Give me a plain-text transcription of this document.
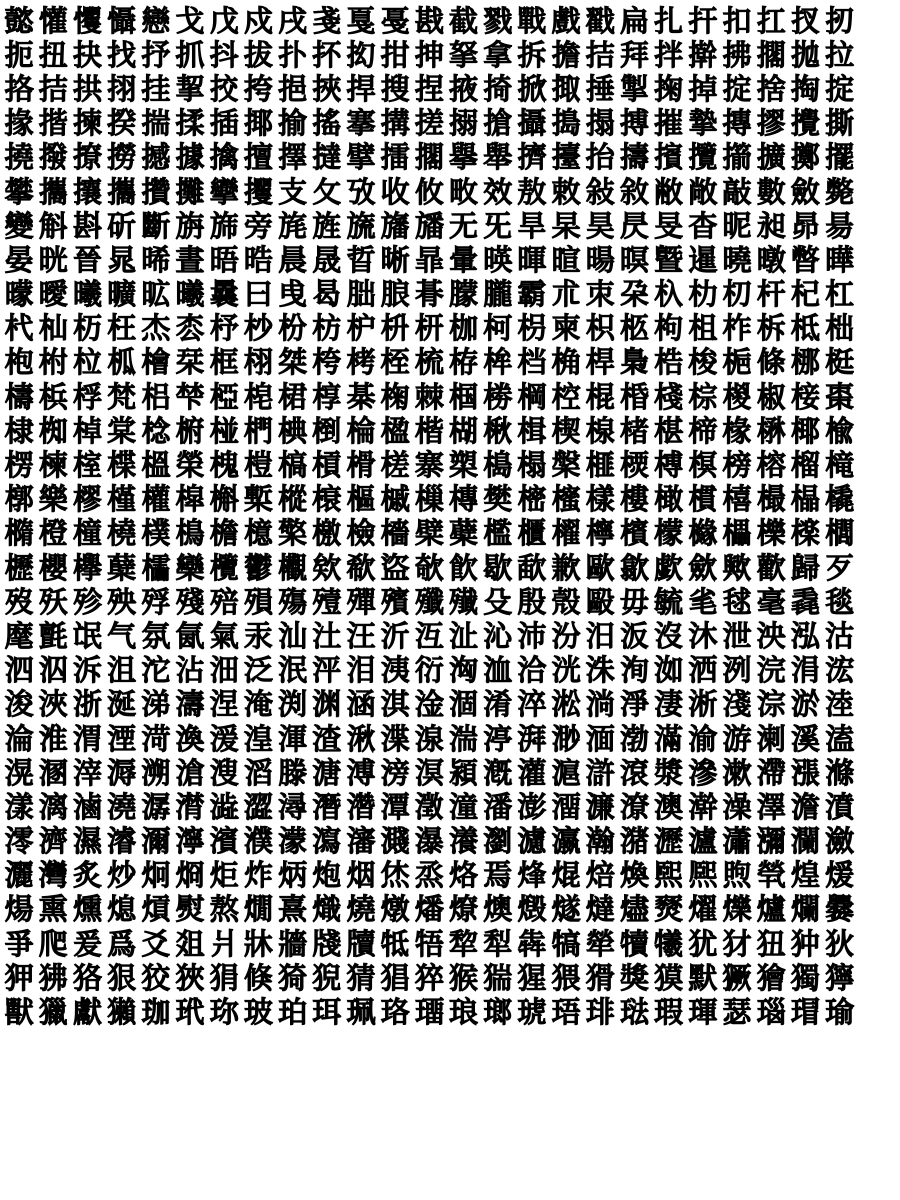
懿 懽 戄 懾 戀 戈 戊 戍 戌 戔 戛 戞 戡 截 戮 戰 戲 戳 扁 扎 扞 扣 扛 扠 扨
扼 扭 抉 找 抒 抓 抖 拔 扑 抔 抝 拑 抻 拏 拿 拆 擔 拮 拜 拌 擀 拂 擱 拋 拉
挌 拮 拱 挧 挂 挈 挍 挎 挹 挾 捍 搜 捏 掖 掎 掀 掫 捶 掣 掬 掉 掟 捨 掏 掟
掾 揩 揀 揆 揣 揉 插 揶 揄 搖 搴 搆 搓 搦 搶 攝 搗 搨 搏 摧 摯 摶 摎 攪 撕
撓 撥 撩 撈 撼 據 擒 擅 擇 撻 擘 擂 擱 擧 舉 擠 擡 抬 擣 擯 攬 擶 擴 擲 擺
攀 攜 攘 攜 攢 攤 攣 攫 支 攵 攷 收 攸 畋 效 敖 敕 敍 敘 敝 敞 敲 數 斂 斃
變 斛 斟 斫 斷 旃 旆 旁 旄 旌 旒 旛 旙 无 旡 旱 杲 昊 昃 旻 杳 昵 昶 昴 昜
晏 晄 晉 晁 晞 晝 晤 晧 晨 晟 晢 晰 暃 暈 暎 暉 暄 暘 暝 曁 暹 曉 暾 暼 曄
曚 曖 曦 曠 昿 曦 曩 曰 曵 曷 朏 朖 朞 朦 朧 霸 朮 朿 朶 杁 朸 朷 杆 杞 杠
杙 杣 杤 枉 杰 枩 杼 杪 枌 枋 枦 枡 枅 枷 柯 枴 柬 枳 柩 枸 柤 柞 柝 柢 柮
枹 柎 柆 柧 檜 栞 框 栩 桀 桍 栲 桎 梳 栫 桙 档 桷 桿 梟 梏 梭 梔 條 梛 梃
檮 梹 桴 梵 梠 梺 椏 梍 桾 椁 棊 椈 棘 椢 椦 棡 椌 棍 棔 棧 棕 椶 椒 椄 棗
棣 椥 棹 棠 棯 椨 椪 椚 椣 椡 棆 楹 楷 楜 楸 楫 楔 楾 楮 椹 楴 椽 楙 椰 楡
楞 楝 榁 楪 榲 榮 槐 榿 槁 槓 榾 槎 寨 槊 槝 榻 槃 榧 樮 榑 榠 榜 榕 榴 槞
槨 樂 樛 槿 權 槹 槲 槧 樅 榱 樞 槭 樔 槫 樊 樒 櫁 樣 樓 橄 樌 橲 樶 橸 橇
橢 橙 橦 橈 樸 樢 檐 檍 檠 檄 檢 檣 檗 蘗 檻 櫃 櫂 檸 檳 檬 櫞 櫑 櫟 檪 櫚
櫪 櫻 欅 蘖 櫺 欒 欖 鬱 欟 欸 欷 盜 欹 飮 歇 歃 歉 歐 歙 歔 歛 歟 歡 歸 歹
歿 殀 殄 殃 殍 殘 殕 殞 殤 殪 殫 殯 殲 殱 殳 殷 殼 毆 毋 毓 毟 毬 毫 毳 毯
麾 氈 氓 气 氛 氤 氣 汞 汕 汢 汪 沂 沍 沚 沁 沛 汾 汨 汳 沒 沐 泄 泱 泓 沽
泗 泅 泝 沮 沱 沾 沺 泛 泯 泙 泪 洟 衍 洶 洫 洽 洸 洙 洵 洳 洒 洌 浣 涓 浤
浚 浹 浙 涎 涕 濤 涅 淹 渕 渊 涵 淇 淦 涸 淆 淬 淞 淌 淨 淒 淅 淺 淙 淤 淕
淪 淮 渭 湮 渮 渙 湲 湟 渾 渣 湫 渫 湶 湍 渟 湃 渺 湎 渤 滿 渝 游 溂 溪 溘
滉 溷 滓 溽 溯 滄 溲 滔 滕 溏 溥 滂 溟 潁 漑 灌 滬 滸 滾 漿 滲 漱 滯 漲 滌
漾 漓 滷 澆 潺 潸 澁 澀 潯 潛 濳 潭 澂 潼 潘 澎 澑 濂 潦 澳 澣 澡 澤 澹 濆
澪 濟 濕 濬 濔 濘 濱 濮 濛 瀉 瀋 濺 瀑 瀁 瀏 濾 瀛 瀚 潴 瀝 瀘 瀟 瀰 瀾 瀲
灑 灣 炙 炒 炯 烱 炬 炸 炳 炮 烟 烋 烝 烙 焉 烽 焜 焙 煥 煕 熈 煦 煢 煌 煖
煬 熏 燻 熄 熕 熨 熬 燗 熹 熾 燒 燉 燔 燎 燠 燬 燧 燵 燼 燹 燿 爍 爐 爛 爨
爭 爬 爰 爲 爻 爼 爿 牀 牆 牋 牘 牴 牾 犂 犁 犇 犒 犖 犢 犧 犹 犲 狃 狆 狄
狎 狒 狢 狠 狡 狹 狷 倏 猗 猊 猜 猖 猝 猴 猯 猩 猥 猾 獎 獏 默 獗 獪 獨 獰
獸 獵 獻 獺 珈 玳 珎 玻 珀 珥 珮 珞 璢 琅 瑯 琥 珸 琲 琺 瑕 琿 瑟 瑙 瑁 瑜
